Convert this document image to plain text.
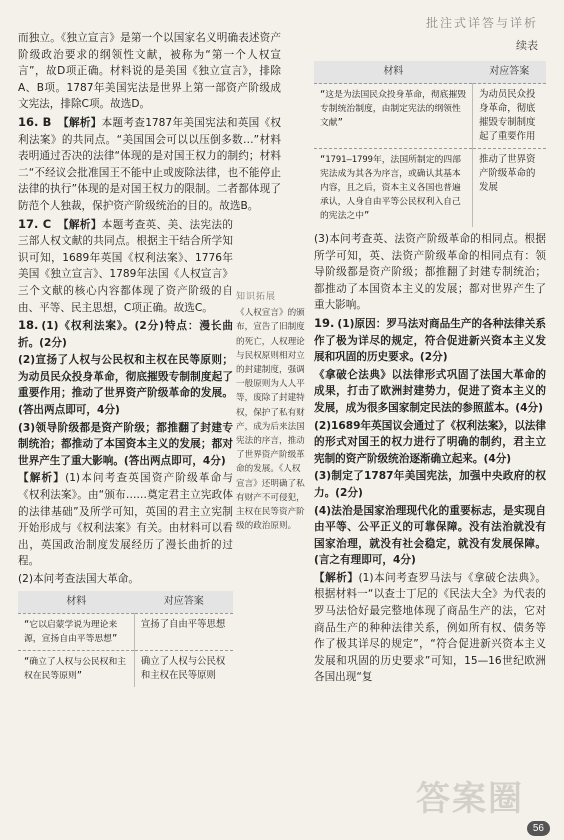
批注式详答与详析
续表

而独立。《独立宣言》是第一个以国家名义明确表述资产阶级政治要求的纲领性文献，被称为“第一个人权宣言”，故D项正确。材料说的是美国《独立宣言》，排除A、B项。1787年美国宪法是世界上第一部资产阶级成文宪法，排除C项。故选D。

16. B 【解析】本题考查1787年美国宪法和英国《权利法案》的共同点。“美国国会可以以压倒多数…”材料表明通过否决的法律“体现的是对国王权力的制约；材料二“不经议会批准国王不能中止或废除法律，也不能停止法律的执行”体现的是对国王权力的限制。二者都体现了防范个人独裁，保护资产阶级统治的目的。故选B。

17. C 【解析】本题考查英、美、法宪法的三部人权文献的共同点。根据主干结合所学知识可知，1689年英国《权利法案》、1776年美国《独立宣言》、1789年法国《人权宣言》三个文献的核心内容都体现了资产阶级的自由、平等、民主思想，C项正确。故选C。

18. (1)《权利法案》。(2分)特点：漫长曲折。(2分)

(2)宣扬了人权与公民权和主权在民等原则；为动员民众投身革命，彻底摧毁专制制度起了重要作用；推动了世界资产阶级革命的发展。(答出两点即可，4分)

(3)领导阶级都是资产阶级；都推翻了封建专制统治；都推动了本国资本主义的发展；都对世界产生了重大影响。(答出两点即可，4分)

【解析】(1)本问考查英国资产阶级革命与《权利法案》。由“颁布……奠定君主立宪政体的法律基础”及所学可知，英国的君主立宪制开始形成与《权利法案》有关。由材料可以看出，英国政治制度发展经历了漫长曲折的过程。

(2)本问考查法国大革命。

材料	对应答案
“它以启蒙学说为理论来源，宣扬自由平等思想”	宣扬了自由平等思想
“确立了人权与公民权和主权在民等原则”	确立了人权与公民权和主权在民等原则
知识拓展
《人权宣言》的颁布，宣告了旧制度的死亡，人权理论与民权原则相对立的封建制度，强调一般原则为人人平等，废除了封建特权，保护了私有财产，成为后来法国宪法的序言，推动了世界资产阶级革命的发展。《人权宣言》还明确了私有财产不可侵犯，主权在民等资产阶级的政治原则。
材料	对应答案
“这是为法国民众投身革命，彻底摧毁专制统治制度，由制定宪法的纲领性文献”	为动员民众投身革命，彻底摧毁专制制度起了重要作用
“1791—1799年，法国所制定的四部宪法成为其各为序言，或确认其基本内容，且之后，资本主义各国也普遍承认，人身自由平等公民权利入自己的宪法之中”	推动了世界资产阶级革命的发展

(3)本问考查英、法资产阶级革命的相同点。根据所学可知，英、法资产阶级革命的相同点有：领导阶级都是资产阶级；都推翻了封建专制统治；都推动了本国资本主义的发展；都对世界产生了重大影响。

19. (1)原因：罗马法对商品生产的各种法律关系作了极为详尽的规定，符合促进新兴资本主义发展和巩固的历史要求。(2分)

《拿破仑法典》以法律形式巩固了法国大革命的成果，打击了欧洲封建势力，促进了资本主义的发展，成为很多国家制定民法的参照蓝本。(4分)

(2)1689年英国议会通过了《权利法案》，以法律的形式对国王的权力进行了明确的制约，君主立宪制的资产阶级统治逐渐确立起来。(4分)

(3)制定了1787年美国宪法，加强中央政府的权力。(2分)

(4)法治是国家治理现代化的重要标志，是实现自由平等、公平正义的可靠保障。没有法治就没有国家治理，就没有社会稳定，就没有发展保障。(言之有理即可，4分)

【解析】(1)本问考查罗马法与《拿破仑法典》。根据材料一“以查士丁尼的《民法大全》为代表的罗马法恰好最完整地体现了商品生产的法，它对商品生产的种种法律关系，例如所有权、债务等作了极其详尽的规定”，“符合促进新兴资本主义发展和巩固的历史要求”可知，15—16世纪欧洲各国出现“复

答案圈
56
